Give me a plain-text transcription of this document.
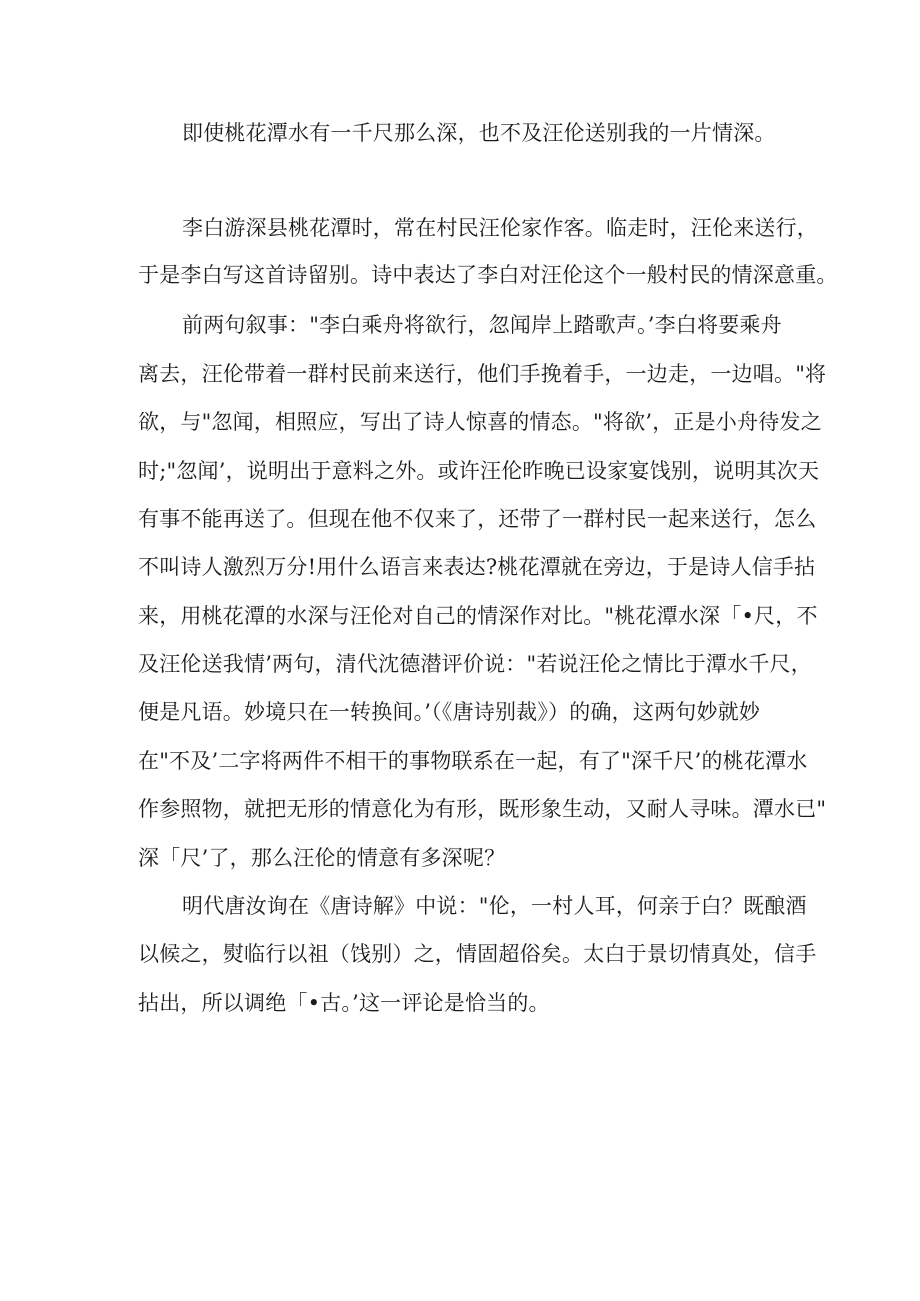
即使桃花潭水有一千尺那么深，也不及汪伦送别我的一片情深。
李白游深县桃花潭时，常在村民汪伦家作客。临走时，汪伦来送行，
于是李白写这首诗留别。诗中表达了李白对汪伦这个一般村民的情深意重。
前两句叙事："李白乘舟将欲行，忽闻岸上踏歌声。’李白将要乘舟
离去，汪伦带着一群村民前来送行，他们手挽着手，一边走，一边唱。"将
欲，与"忽闻，相照应，写出了诗人惊喜的情态。"将欲’，正是小舟待发之
时;"忽闻’，说明出于意料之外。或许汪伦昨晚已设家宴饯别，说明其次天
有事不能再送了。但现在他不仅来了，还带了一群村民一起来送行，怎么
不叫诗人激烈万分!用什么语言来表达?桃花潭就在旁边，于是诗人信手拈
来，用桃花潭的水深与汪伦对自己的情深作对比。"桃花潭水深「•尺，不
及汪伦送我情’两句，清代沈德潜评价说："若说汪伦之情比于潭水千尺，
便是凡语。妙境只在一转换间。’（《唐诗别裁》）的确，这两句妙就妙
在"不及’二字将两件不相干的事物联系在一起，有了"深千尺’的桃花潭水
作参照物，就把无形的情意化为有形，既形象生动，又耐人寻味。潭水已"
深「尺’了，那么汪伦的情意有多深呢？
明代唐汝询在《唐诗解》中说："伦，一村人耳，何亲于白？既酿酒
以候之，熨临行以祖（饯别）之，情固超俗矣。太白于景切情真处，信手
拈出，所以调绝「•古。’这一评论是恰当的。
